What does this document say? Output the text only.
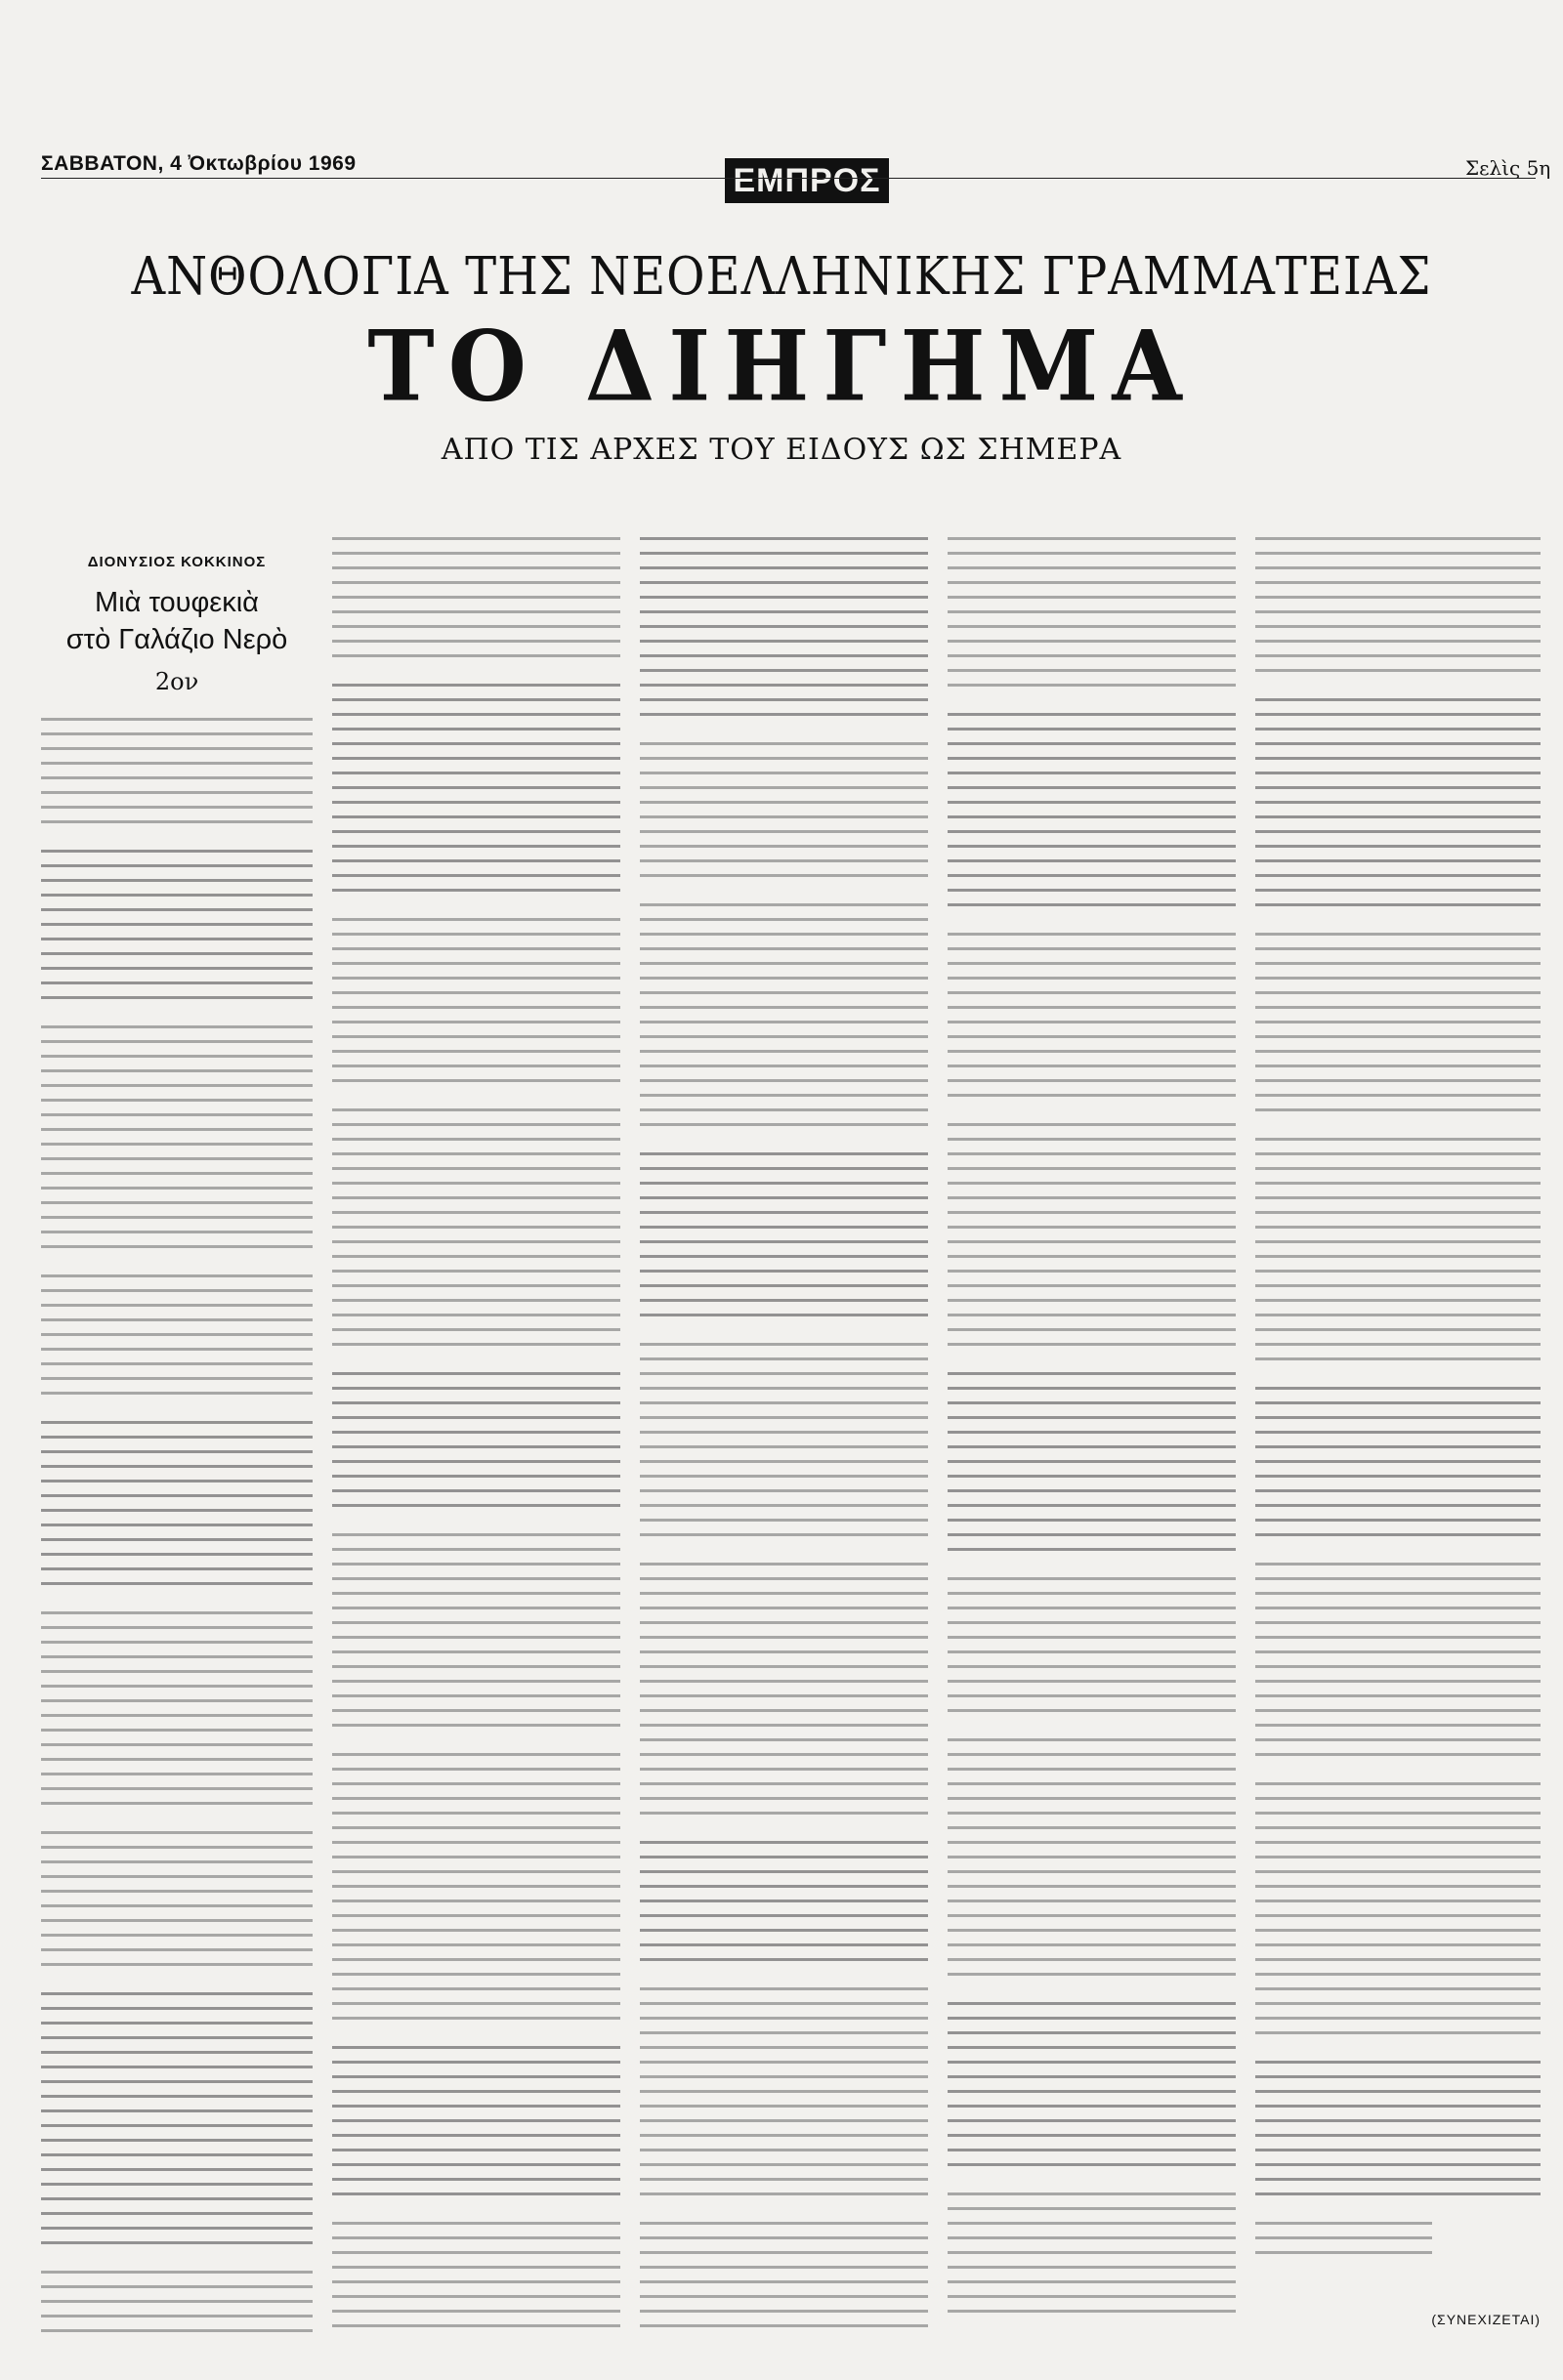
ΣΑΒΒΑΤΟΝ, 4 Ὀκτωβρίου 1969	ΕΜΠΡΟΣ	Σελὶς 5η
ΑΝΘΟΛΟΓΙΑ ΤΗΣ ΝΕΟΕΛΛΗΝΙΚΗΣ ΓΡΑΜΜΑΤΕΙΑΣ
ΤΟ ΔΙΗΓΗΜΑ
ΑΠΟ ΤΙΣ ΑΡΧΕΣ ΤΟΥ ΕΙΔΟΥΣ ΩΣ ΣΗΜΕΡΑ
ΔΙΟΝΥΣΙΟΣ ΚΟΚΚΙΝΟΣ
Μιὰ τουφεκιὰ
στὸ Γαλάζιο Νερὸ
2ον
(ΣΥΝΕΧΙΖΕΤΑΙ)
